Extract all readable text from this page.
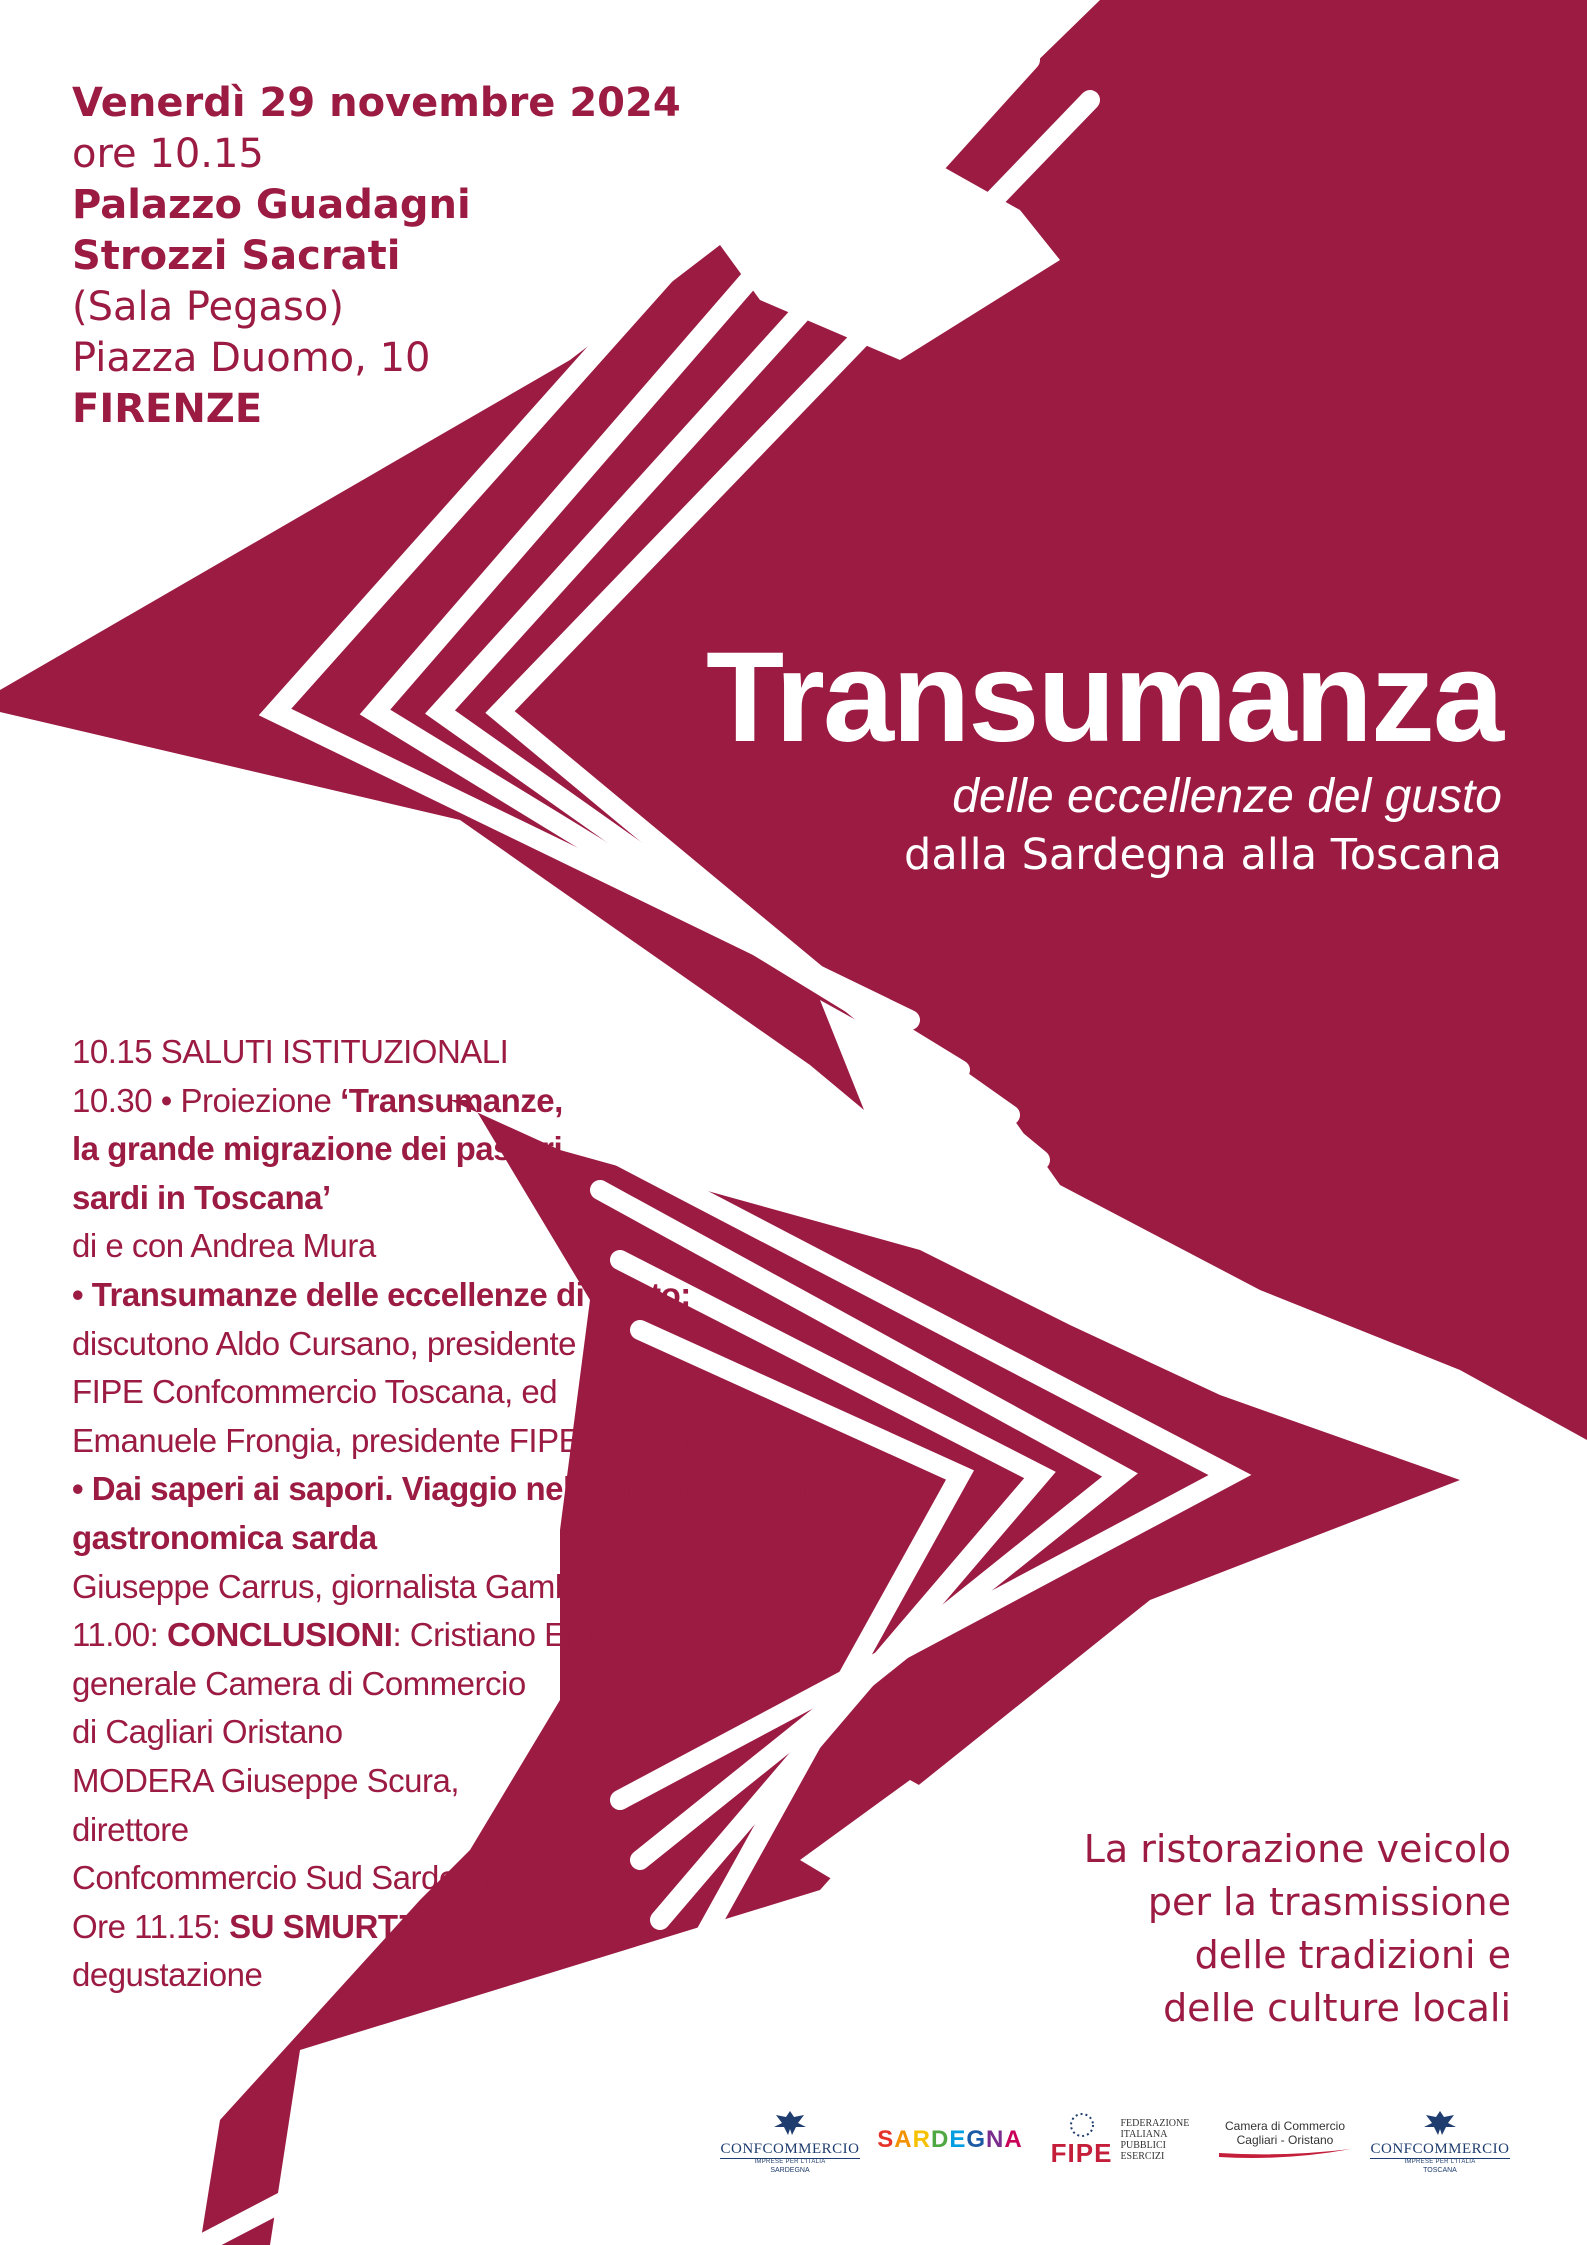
Venerdì 29 novembre 2024
ore 10.15
Palazzo Guadagni
Strozzi Sacrati
(Sala Pegaso)
Piazza Duomo, 10
FIRENZE
Transumanza
delle eccellenze del gusto
dalla Sardegna alla Toscana
10.15 SALUTI ISTITUZIONALI
10.30 • Proiezione ‘Transumanze,
la grande migrazione dei pastori
sardi in Toscana’
di e con Andrea Mura
• Transumanze delle eccellenze di gusto:
discutono Aldo Cursano, presidente
FIPE Confcommercio Toscana, ed
Emanuele Frongia, presidente FIPE Sardegna
• Dai saperi ai sapori. Viaggio nell’autentica tradizione
gastronomica sarda
Giuseppe Carrus, giornalista Gambero Rosso
11.00: CONCLUSIONI: Cristiano Erriu, segretario
generale Camera di Commercio
di Cagliari Oristano
MODERA Giuseppe Scura,
direttore
Confcommercio Sud Sardegna
Ore 11.15: SU SMURTZU
degustazione
La ristorazione veicolo
per la trasmissione
delle tradizioni e
delle culture locali
CONFCOMMERCIO
IMPRESE PER L'ITALIA
SARDEGNA
S A R D E G N A FIPE
FEDERAZIONE
ITALIANA
PUBBLICI
ESERCIZI
Camera di Commercio
Cagliari - Oristano
CONFCOMMERCIO
IMPRESE PER L'ITALIA
TOSCANA
